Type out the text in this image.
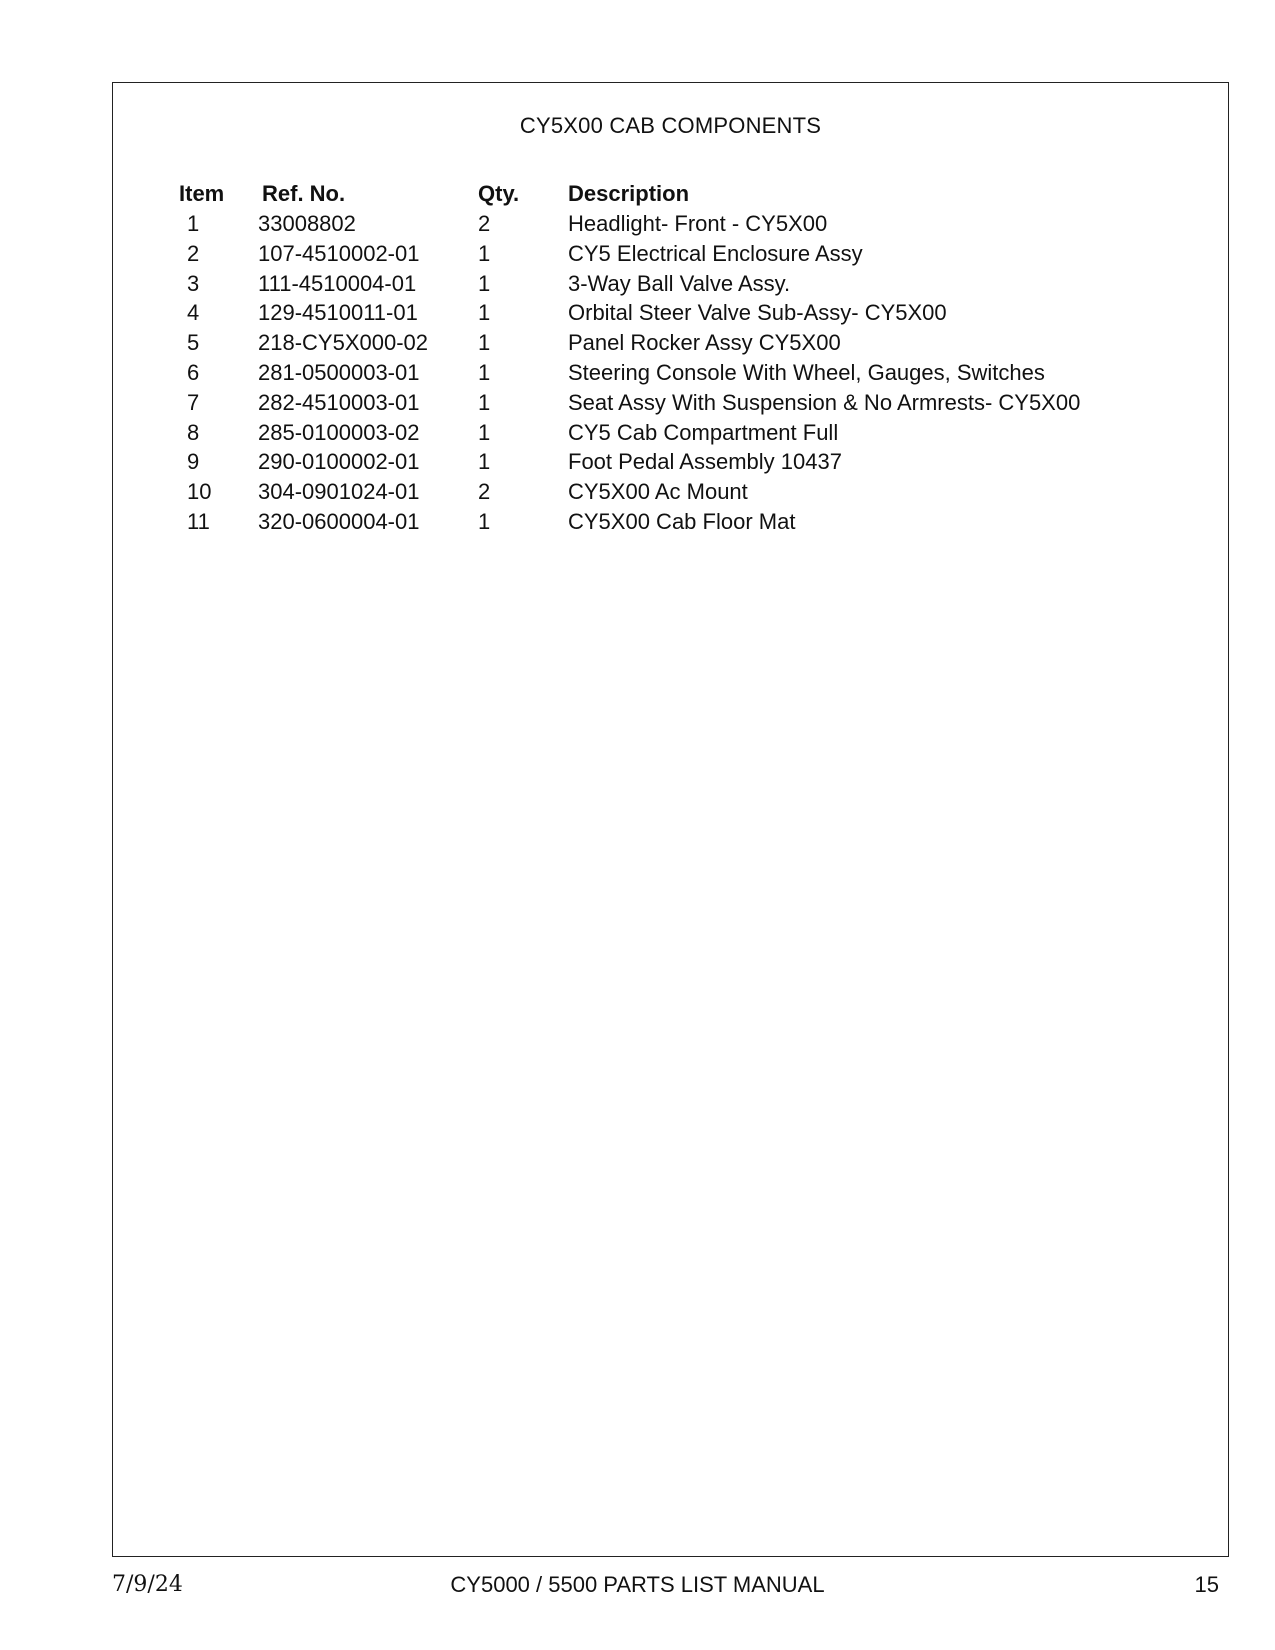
CY5X00 CAB COMPONENTS
Item	Ref. No.	Qty.	Description
1	33008802	2	Headlight- Front - CY5X00
2	107-4510002-01	1	CY5 Electrical Enclosure Assy
3	111-4510004-01	1	3-Way Ball Valve Assy.
4	129-4510011-01	1	Orbital Steer Valve Sub-Assy- CY5X00
5	218-CY5X000-02	1	Panel Rocker Assy CY5X00
6	281-0500003-01	1	Steering Console With Wheel, Gauges, Switches
7	282-4510003-01	1	Seat Assy With Suspension & No Armrests- CY5X00
8	285-0100003-02	1	CY5 Cab Compartment Full
9	290-0100002-01	1	Foot Pedal Assembly 10437
10	304-0901024-01	2	CY5X00 Ac Mount
11	320-0600004-01	1	CY5X00 Cab Floor Mat
7/9/24	CY5000 / 5500 PARTS LIST MANUAL	15
